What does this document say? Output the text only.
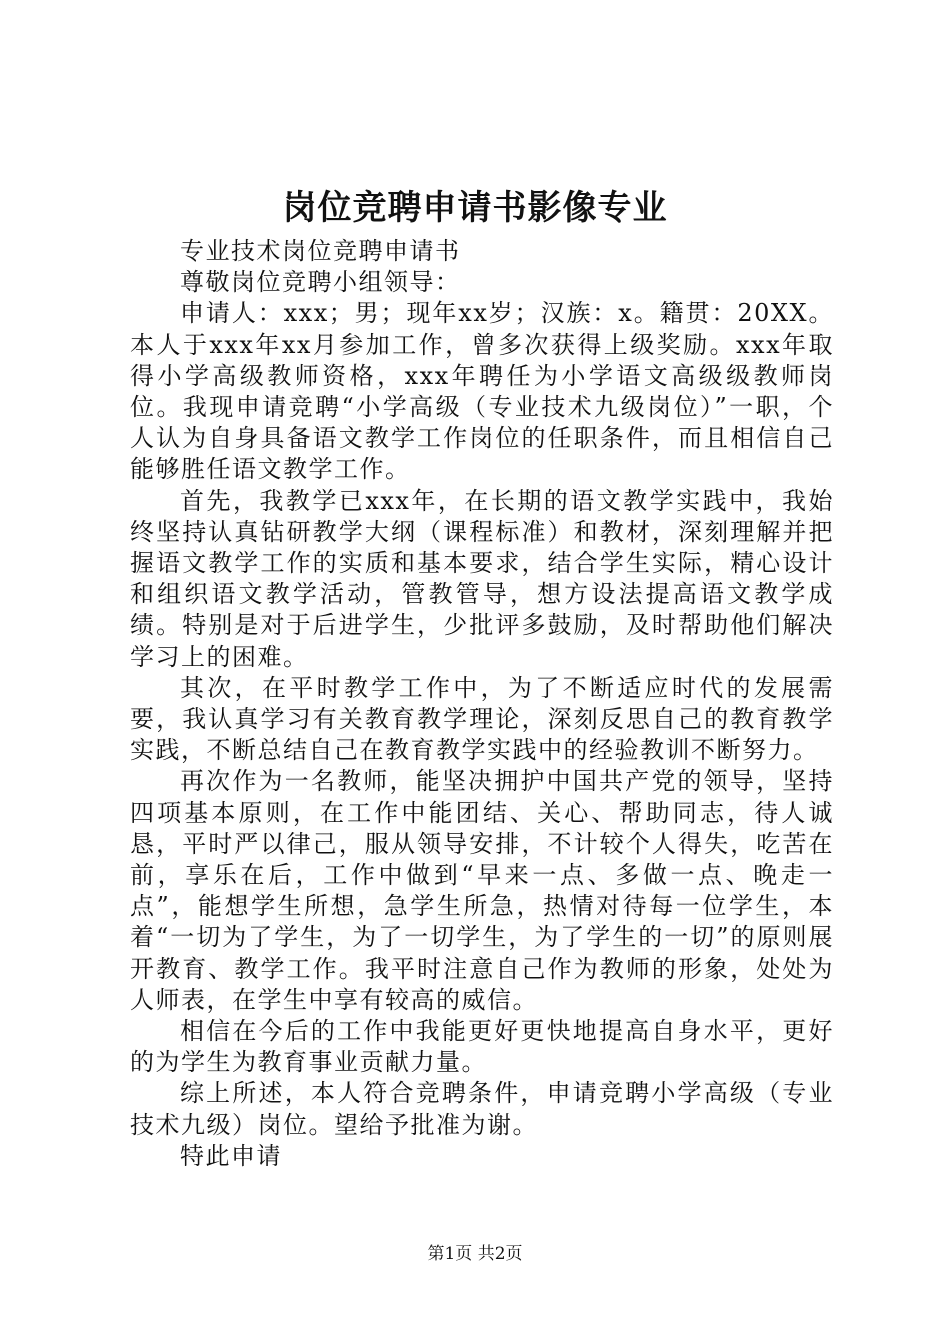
岗位竞聘申请书影像专业

专业技术岗位竞聘申请书

尊敬岗位竞聘小组领导：

申请人：xxx；男；现年xx岁；汉族：x。籍贯：20XX。本人于xxx年xx月参加工作，曾多次获得上级奖励。xxx年取得小学高级教师资格，xxx年聘任为小学语文高级级教师岗位。我现申请竞聘“小学高级（专业技术九级岗位）”一职，个人认为自身具备语文教学工作岗位的任职条件，而且相信自己能够胜任语文教学工作。

首先，我教学已xxx年，在长期的语文教学实践中，我始终坚持认真钻研教学大纲（课程标准）和教材，深刻理解并把握语文教学工作的实质和基本要求，结合学生实际，精心设计和组织语文教学活动，管教管导，想方设法提高语文教学成绩。特别是对于后进学生，少批评多鼓励，及时帮助他们解决学习上的困难。

其次，在平时教学工作中，为了不断适应时代的发展需要，我认真学习有关教育教学理论，深刻反思自己的教育教学实践，不断总结自己在教育教学实践中的经验教训不断努力。

再次作为一名教师，能坚决拥护中国共产党的领导，坚持四项基本原则，在工作中能团结、关心、帮助同志，待人诚恳，平时严以律己，服从领导安排，不计较个人得失，吃苦在前，享乐在后，工作中做到“早来一点、多做一点、晚走一点”，能想学生所想，急学生所急，热情对待每一位学生，本着“一切为了学生，为了一切学生，为了学生的一切”的原则展开教育、教学工作。我平时注意自己作为教师的形象，处处为人师表，在学生中享有较高的威信。

相信在今后的工作中我能更好更快地提高自身水平，更好的为学生为教育事业贡献力量。

综上所述，本人符合竞聘条件，申请竞聘小学高级（专业技术九级）岗位。望给予批准为谢。

特此申请

第1页 共2页
